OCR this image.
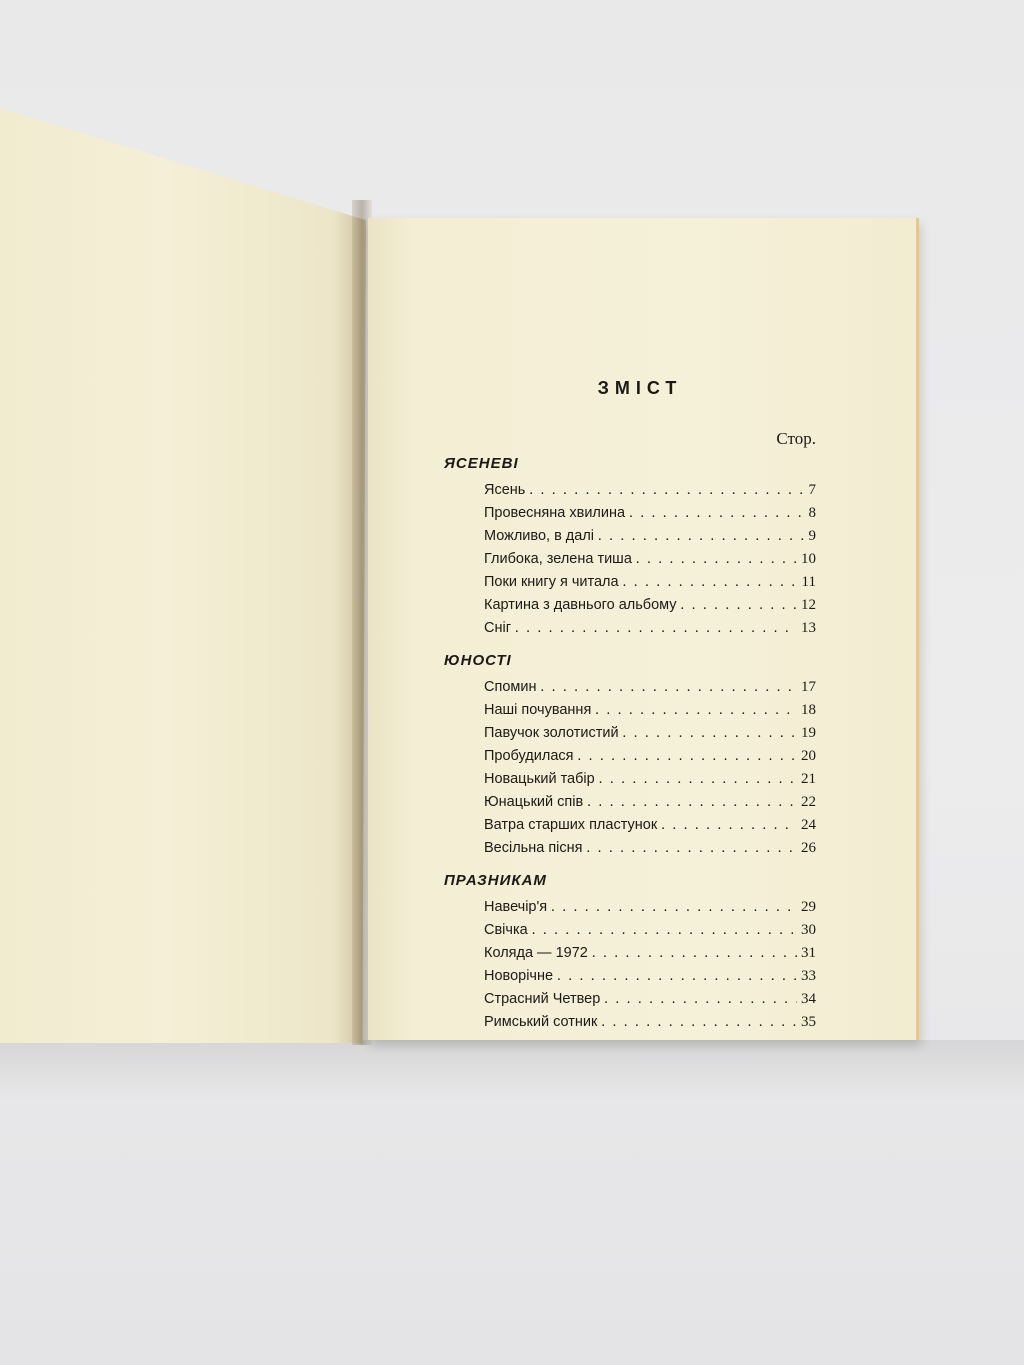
ЗМІСТ
Стор.
ЯСЕНЕВІ
Ясень . . .	7
Провесняна хвилина . . .	8
Можливо, в далі . . .	9
Глибока, зелена тиша . . .	10
Поки книгу я читала . . .	11
Картина з давнього альбому . . .	12
Сніг . . .	13
ЮНОСТІ
Спомин . . .	17
Наші почування . . .	18
Павучок золотистий . . .	19
Пробудилася . . .	20
Новацький табір . . .	21
Юнацький спів . . .	22
Ватра старших пластунок . . .	24
Весільна пісня . . .	26
ПРАЗНИКАМ
Навечір'я . . .	29
Свічка . . .	30
Коляда — 1972 . . .	31
Новорічне . . .	33
Страсний Четвер . . .	34
Римський сотник . . .	35
